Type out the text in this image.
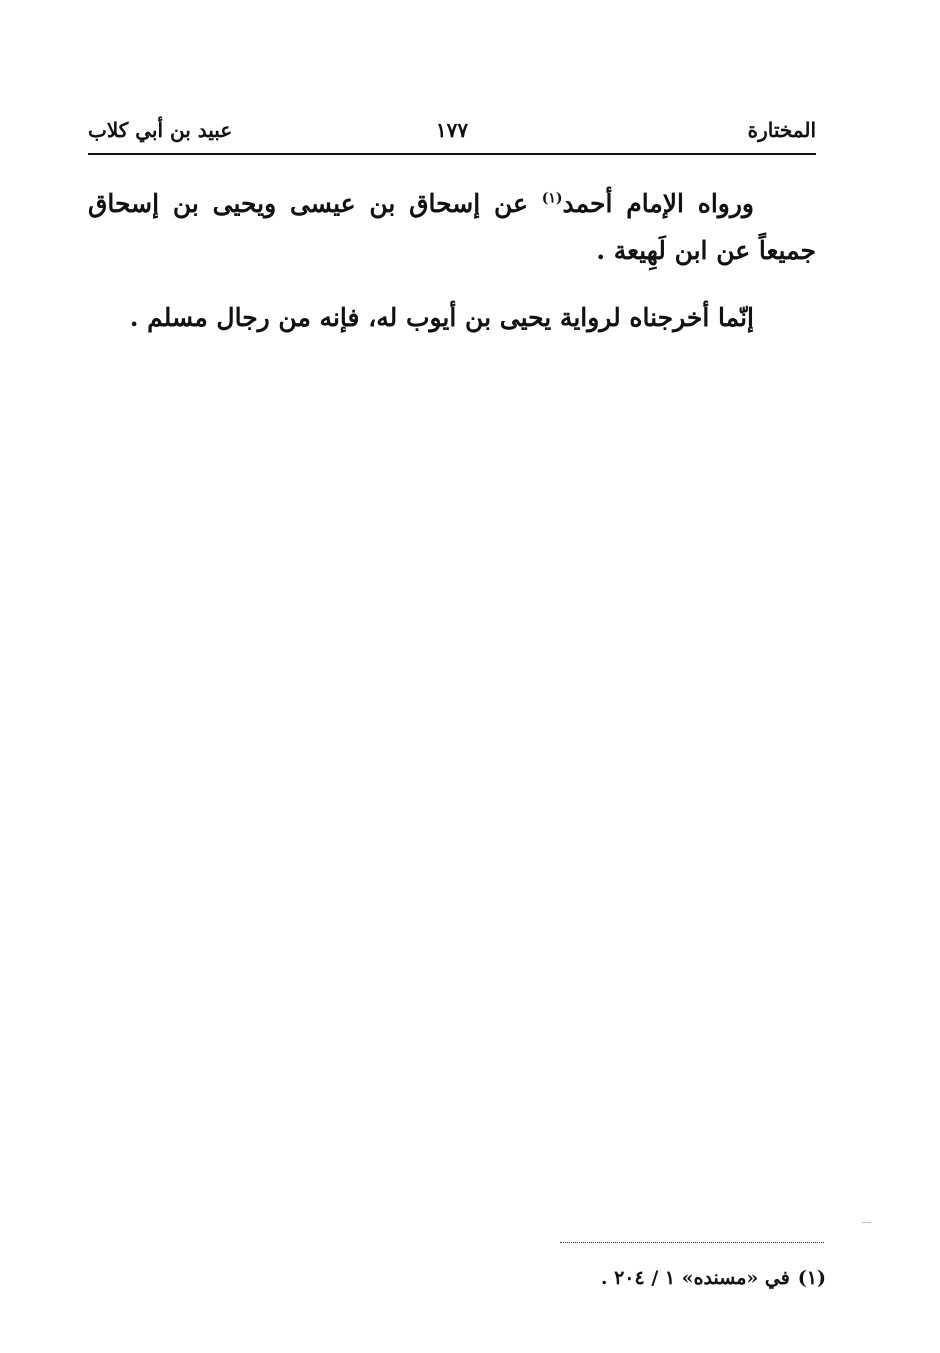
المختارة
١٧٧
عبيد بن أبي كلاب

ورواه الإمام أحمد$^{(١)}$ عن إسحاق بن عيسى ويحيى بن إسحاق جميعاً عن ابن لَهِيعة .

إنّما أخرجناه لرواية يحيى بن أيوب له، فإنه من رجال مسلم .

(١)في «مسنده» ١ / ٢٠٤ .
